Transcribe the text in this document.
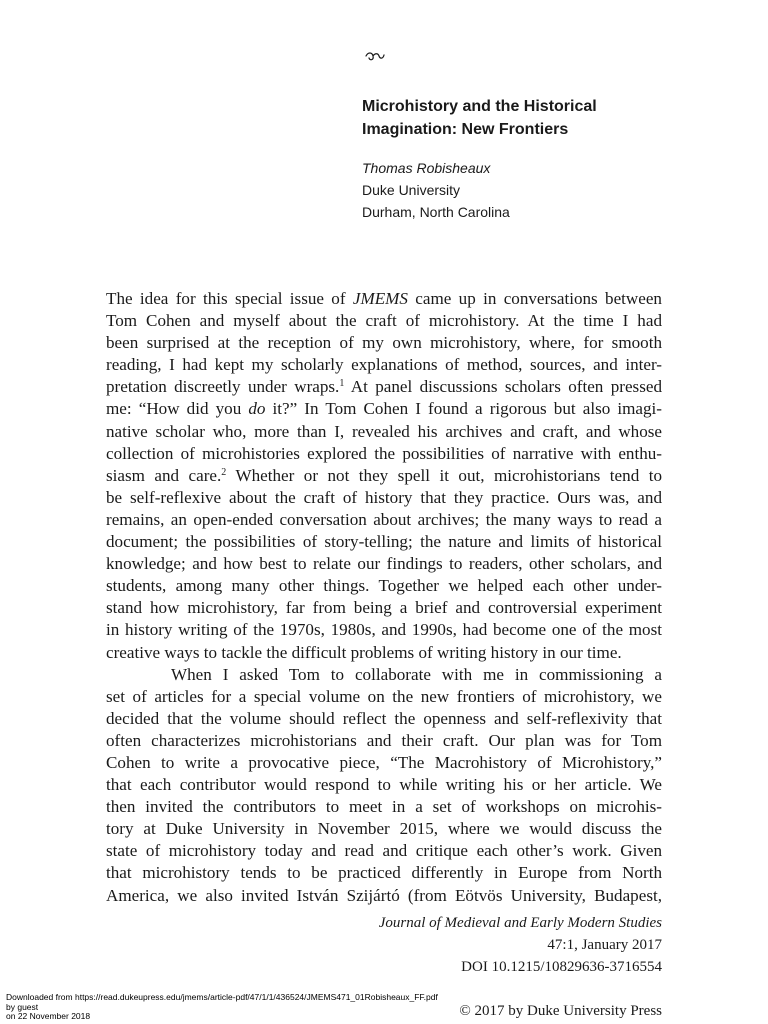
Microhistory and the Historical
Imagination: New Frontiers
Thomas Robisheaux
Duke University
Durham, North Carolina
The idea for this special issue of JMEMS came up in conversations between
Tom Cohen and myself about the craft of microhistory. At the time I had
been surprised at the reception of my own microhistory, where, for smooth
reading, I had kept my scholarly explanations of method, sources, and inter-
pretation discreetly under wraps.$^1$ At panel discussions scholars often pressed
me: “How did you do it?” In Tom Cohen I found a rigorous but also imagi-
native scholar who, more than I, revealed his archives and craft, and whose
collection of microhistories explored the possibilities of narrative with enthu-
siasm and care.$^2$ Whether or not they spell it out, microhistorians tend to
be self-reflexive about the craft of history that they practice. Ours was, and
remains, an open-ended conversation about archives; the many ways to read a
document; the possibilities of story-telling; the nature and limits of historical
knowledge; and how best to relate our findings to readers, other scholars, and
students, among many other things. Together we helped each other under-
stand how microhistory, far from being a brief and controversial experiment
in history writing of the 1970s, 1980s, and 1990s, had become one of the most
creative ways to tackle the difficult problems of writing history in our time.
When I asked Tom to collaborate with me in commissioning a
set of articles for a special volume on the new frontiers of microhistory, we
decided that the volume should reflect the openness and self-reflexivity that
often characterizes microhistorians and their craft. Our plan was for Tom
Cohen to write a provocative piece, “The Macrohistory of Microhistory,”
that each contributor would respond to while writing his or her article. We
then invited the contributors to meet in a set of workshops on microhis-
tory at Duke University in November 2015, where we would discuss the
state of microhistory today and read and critique each other’s work. Given
that microhistory tends to be practiced differently in Europe from North
America, we also invited István Szijártó (from Eötvös University, Budapest,
Journal of Medieval and Early Modern Studies
47:1, January 2017
DOI 10.1215/10829636-3716554

© 2017 by Duke University Press
Downloaded from https://read.dukeupress.edu/jmems/article-pdf/47/1/1/436524/JMEMS471_01Robisheaux_FF.pdf
by guest
on 22 November 2018
